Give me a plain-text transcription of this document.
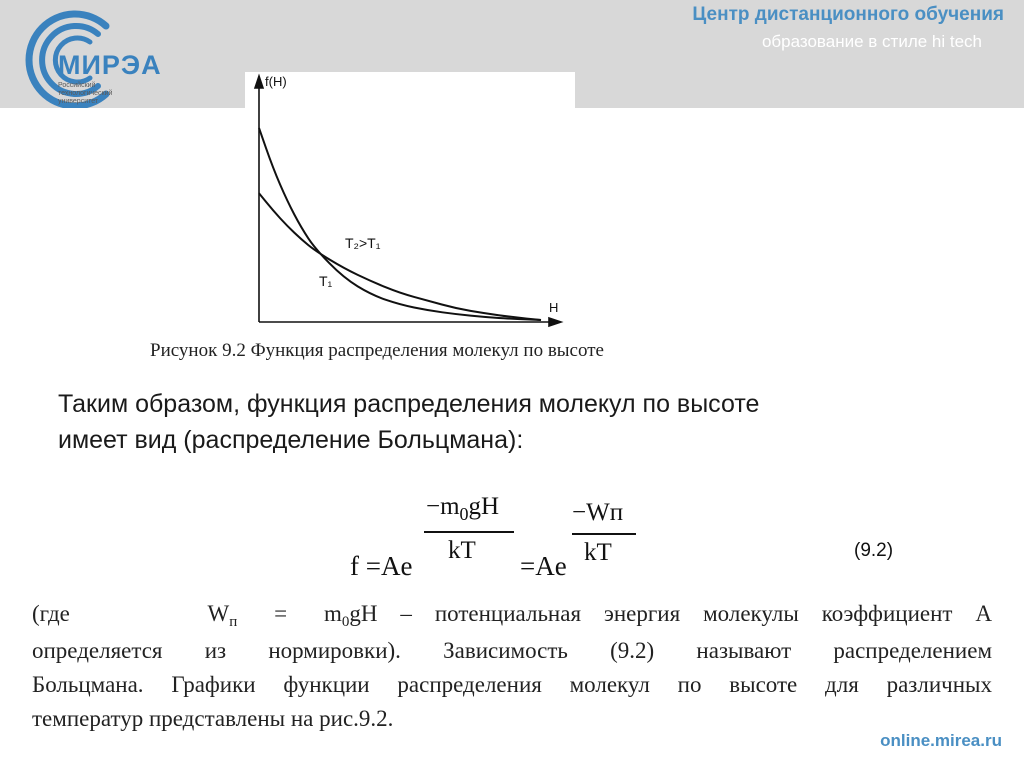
МИРЭА
Российский технологический университет
Центр дистанционного обучения
образование в стиле hi tech
f(H)
H
T₂>T₁
T₁
Рисунок 9.2 Функция распределения молекул по высоте
Таким образом, функция распределения молекул по высоте
имеет вид (распределение Больцмана):
f =Ae
$-m_0gH$
kT
=Ae
−Wп
kT	(9.2)
(где	$W_п = m_0gH$ – потенциальная энергия молекулы коэффициент A
определяется из нормировки). Зависимость (9.2) называют распределением
Больцмана. Графики функции распределения молекул по высоте для различных
температур представлены на рис.9.2.
online.mirea.ru
